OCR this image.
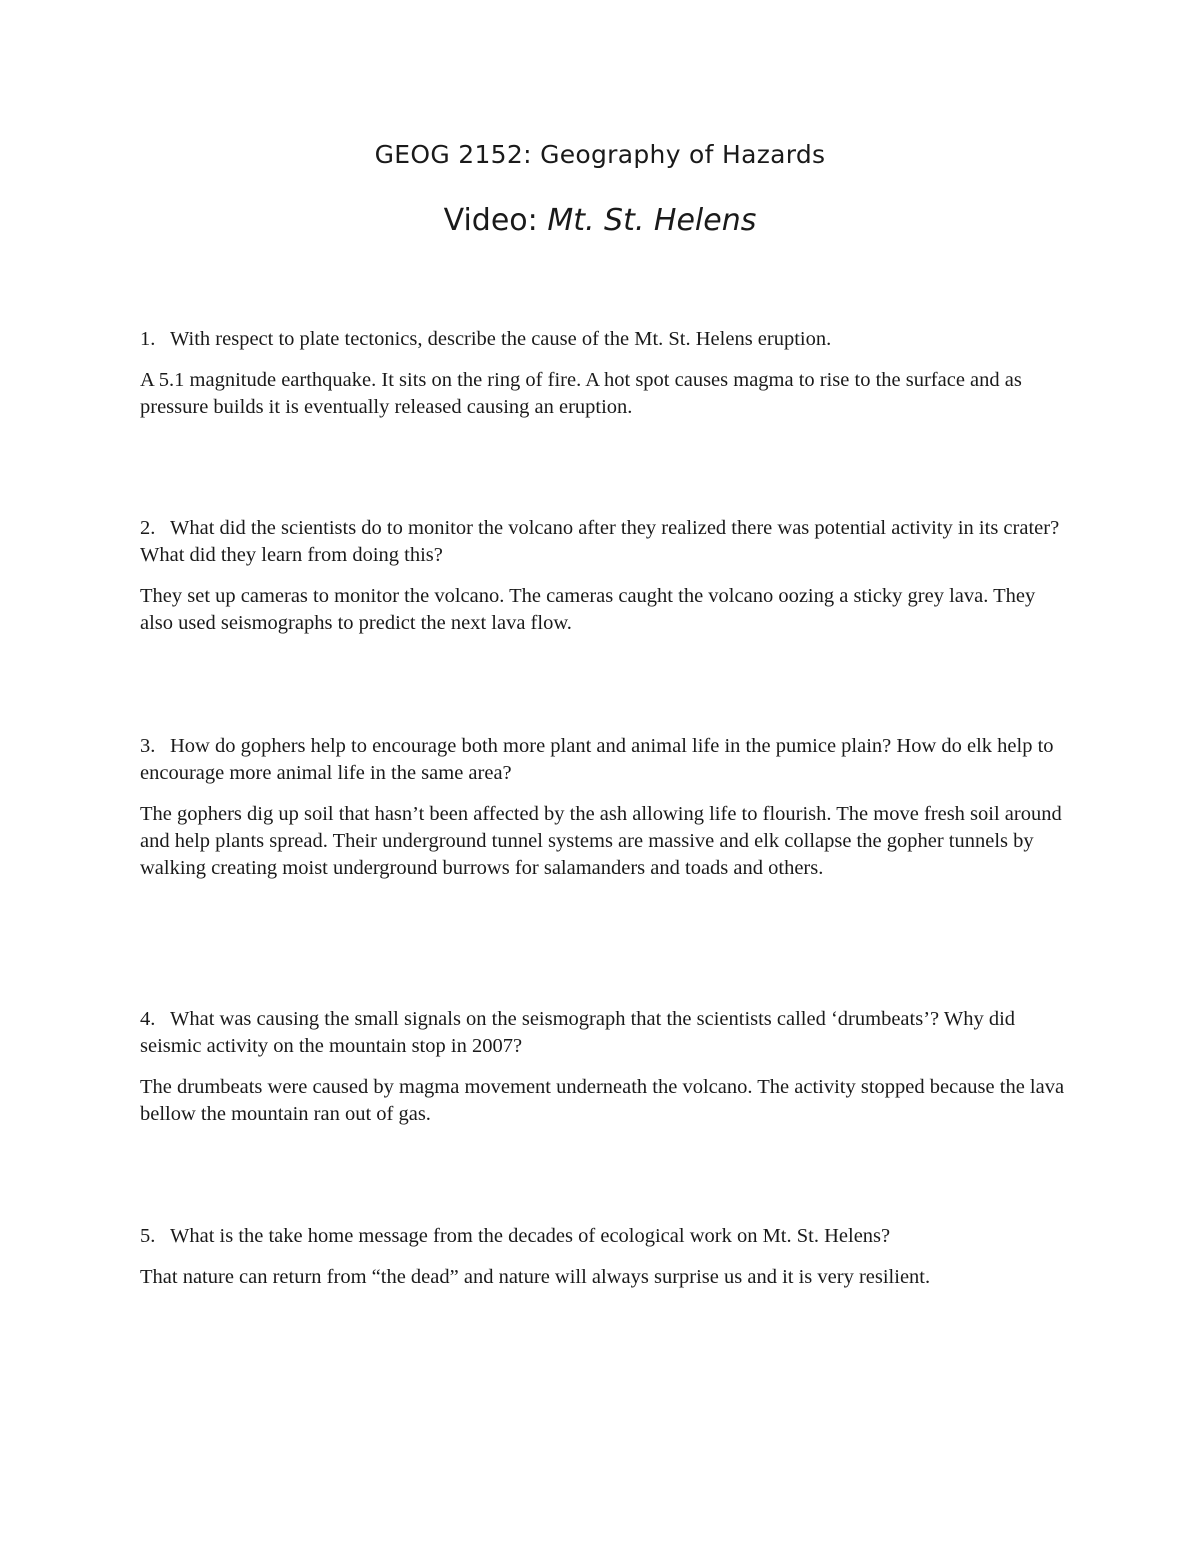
GEOG 2152: Geography of Hazards
Video: Mt. St. Helens

1. With respect to plate tectonics, describe the cause of the Mt. St. Helens eruption.

A 5.1 magnitude earthquake. It sits on the ring of fire. A hot spot causes magma to rise to the surface and as pressure builds it is eventually released causing an eruption.

2. What did the scientists do to monitor the volcano after they realized there was potential activity in its crater? What did they learn from doing this?

They set up cameras to monitor the volcano. The cameras caught the volcano oozing a sticky grey lava. They also used seismographs to predict the next lava flow.

3. How do gophers help to encourage both more plant and animal life in the pumice plain? How do elk help to encourage more animal life in the same area?

The gophers dig up soil that hasn’t been affected by the ash allowing life to flourish. The move fresh soil around and help plants spread. Their underground tunnel systems are massive and elk collapse the gopher tunnels by walking creating moist underground burrows for salamanders and toads and others.

4. What was causing the small signals on the seismograph that the scientists called ‘drumbeats’? Why did seismic activity on the mountain stop in 2007?

The drumbeats were caused by magma movement underneath the volcano. The activity stopped because the lava bellow the mountain ran out of gas.

5. What is the take home message from the decades of ecological work on Mt. St. Helens?

That nature can return from “the dead” and nature will always surprise us and it is very resilient.
